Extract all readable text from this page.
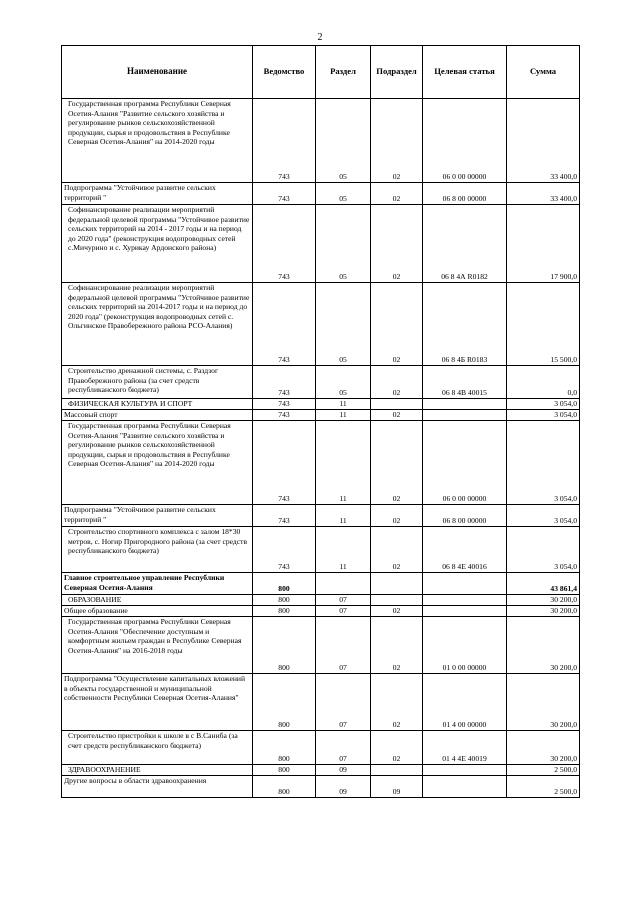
2
Наименование	Ведомство	Раздел	Подраздел	Целевая статья	Сумма
Государственная программа Республики Северная Осетия-Алания "Развитие сельского хозяйства и регулирование рынков сельскохозяйственной продукции, сырья и продовольствия в Республике Северная Осетия-Алания" на 2014-2020 годы	743	05	02	06 0 00 00000	33 400,0
Подпрограмма "Устойчивое развитие сельских территорий "	743	05	02	06 8 00 00000	33 400,0
Софинансирование реализации мероприятий федеральной целевой программы "Устойчивое развитие сельских территорий на 2014 - 2017 годы и на период до 2020 года" (реконструкция водопроводных сетей с.Мичурино и с. Хурикау Ардонского района)	743	05	02	06 8 4А R0182	17 900,0
Софинансирование реализации мероприятий федеральной целевой программы "Устойчивое развитие сельских территорий на 2014-2017 годы и на период до 2020 года" (реконструкция водопроводных сетей с. Ольгинское Правобережного района РСО-Алания)	743	05	02	06 8 4Б R0183	15 500,0
Строительство дренажной системы, с. Раздзог Правобережного района (за счет средств республиканского бюджета)	743	05	02	06 8 4В 40015	0,0
ФИЗИЧЕСКАЯ КУЛЬТУРА И СПОРТ	743	11			3 054,0
Массовый спорт	743	11	02		3 054,0
Государственная программа Республики Северная Осетия-Алания "Развитие сельского хозяйства и регулирование рынков сельскохозяйственной продукции, сырья и продовольствия в Республике Северная Осетия-Алания" на 2014-2020 годы	743	11	02	06 0 00 00000	3 054,0
Подпрограмма "Устойчивое развитие сельских территорий "	743	11	02	06 8 00 00000	3 054,0
Строительство спортивного комплекса с залом 18*30 метров, с. Ногир Пригородного района (за счет средств республиканского бюджета)	743	11	02	06 8 4Е 40016	3 054,0
Главное строительное управление Республики Северная Осетия-Алания	800				43 861,4
ОБРАЗОВАНИЕ	800	07			30 200,0
Общее образование	800	07	02		30 200,0
Государственная программа Республики Северная Осетия-Алания "Обеспечение доступным и комфортным жильем граждан в Республике Северная Осетия-Алания" на 2016-2018 годы	800	07	02	01 0 00 00000	30 200,0
Подпрограмма "Осуществление капитальных вложений в объекты государственной и муниципальной собственности Республики Северная Осетия-Алания"	800	07	02	01 4 00 00000	30 200,0
Строительство пристройки к школе в с В.Саниба (за счет средств республиканского бюджета)	800	07	02	01 4 4Е 40019	30 200,0
ЗДРАВООХРАНЕНИЕ	800	09			2 500,0
Другие вопросы в области здравоохранения	800	09	09		2 500,0
